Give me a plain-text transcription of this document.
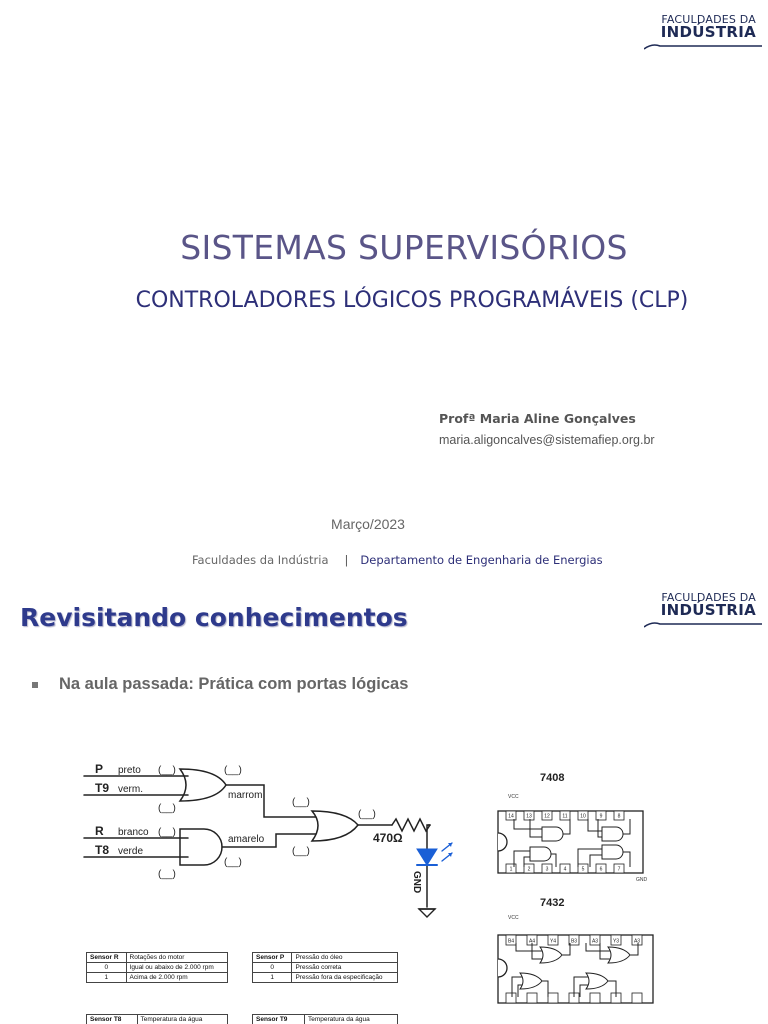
FACULDADES DA
INDÚSTRIA
SISTEMAS SUPERVISÓRIOS
CONTROLADORES LÓGICOS PROGRAMÁVEIS (CLP)
Profª Maria Aline Gonçalves
maria.aligoncalves@sistemafiep.org.br
Março/2023
Faculdades da Indústria | Departamento de Engenharia de Energias
FACULDADES DA
INDÚSTRIA
Revisitando conhecimentos
Na aula passada: Prática com portas lógicas
P preto (__)
T9 verm.
(__)
R branco (__)
T8 verde
(__)
(__)
marrom
(__)
amarelo
(__)
(__)
(__)
470Ω
GND
7408
VCC
14 13 12	11	10	9	8
1	2	3	4	5	6	7
GND
7432
VCC
B4	A4	Y4	B3	A3	Y3	A3
Sensor R	Rotações do motor
0	Igual ou abaixo de 2.000 rpm
1	Acima de 2.000 rpm
Sensor P	Pressão do óleo
0	Pressão correta
1	Pressão fora da especificação
Sensor T8	Temperatura da água	Sensor T9	Temperatura da água
